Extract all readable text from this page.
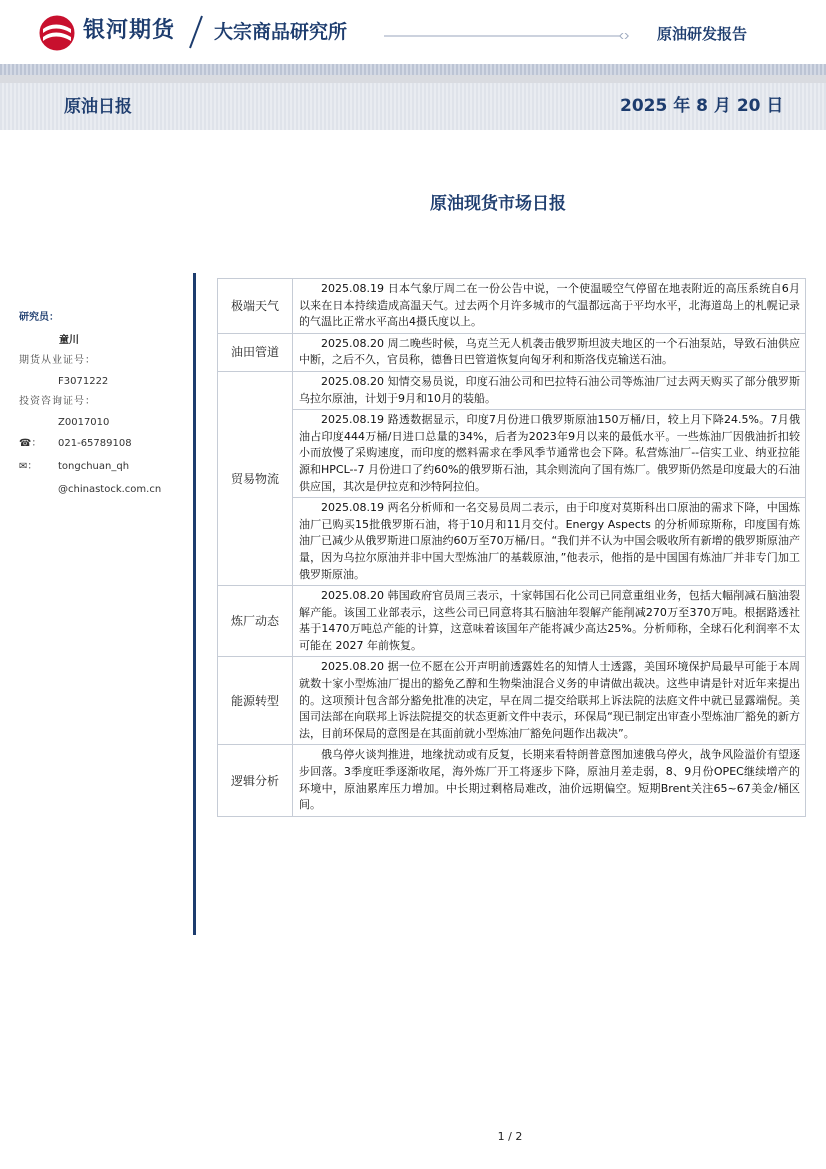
银河期货 大宗商品研究所	原油研发报告
原油日报	2025 年 8 月 20 日
原油现货市场日报
研究员：
童川
期货从业证号：
F3071222
投资咨询证号：
Z0017010
☎： 021-65789108
✉： tongchuan_qh
@chinastock.com.cn
极端天气	2025.08.19 日本气象厅周二在一份公告中说，一个使温暖空气停留在地表附近的高压系统自6月以来在日本持续造成高温天气。过去两个月许多城市的气温都远高于平均水平，北海道岛上的札幌记录的气温比正常水平高出4摄氏度以上。
油田管道	2025.08.20 周二晚些时候，乌克兰无人机袭击俄罗斯坦波夫地区的一个石油泵站，导致石油供应中断，之后不久，官员称，德鲁日巴管道恢复向匈牙利和斯洛伐克输送石油。
贸易物流	2025.08.20 知情交易员说，印度石油公司和巴拉特石油公司等炼油厂过去两天购买了部分俄罗斯乌拉尔原油，计划于9月和10月的装船。
	2025.08.19 路透数据显示，印度7月份进口俄罗斯原油150万桶/日，较上月下降24.5%。7月俄油占印度444万桶/日进口总量的34%，后者为2023年9月以来的最低水平。一些炼油厂因俄油折扣较小而放慢了采购速度，而印度的燃料需求在季风季节通常也会下降。私营炼油厂--信实工业、纳亚拉能源和HPCL--7 月份进口了约60%的俄罗斯石油，其余则流向了国有炼厂。俄罗斯仍然是印度最大的石油供应国，其次是伊拉克和沙特阿拉伯。
	2025.08.19 两名分析师和一名交易员周二表示，由于印度对莫斯科出口原油的需求下降，中国炼油厂已购买15批俄罗斯石油，将于10月和11月交付。Energy Aspects 的分析师琼斯称，印度国有炼油厂已减少从俄罗斯进口原油约60万至70万桶/日。“我们并不认为中国会吸收所有新增的俄罗斯原油产量，因为乌拉尔原油并非中国大型炼油厂的基载原油，”他表示，他指的是中国国有炼油厂并非专门加工俄罗斯原油。
炼厂动态	2025.08.20 韩国政府官员周三表示，十家韩国石化公司已同意重组业务，包括大幅削减石脑油裂解产能。该国工业部表示，这些公司已同意将其石脑油年裂解产能削减270万至370万吨。根据路透社基于1470万吨总产能的计算，这意味着该国年产能将减少高达25%。分析师称，全球石化利润率不太可能在 2027 年前恢复。
能源转型	2025.08.20 据一位不愿在公开声明前透露姓名的知情人士透露，美国环境保护局最早可能于本周就数十家小型炼油厂提出的豁免乙醇和生物柴油混合义务的申请做出裁决。这些申请是针对近年来提出的。这项预计包含部分豁免批准的决定，早在周二提交给联邦上诉法院的法庭文件中就已显露端倪。美国司法部在向联邦上诉法院提交的状态更新文件中表示，环保局“现已制定出审查小型炼油厂豁免的新方法，目前环保局的意图是在其面前就小型炼油厂豁免问题作出裁决”。
逻辑分析	俄乌停火谈判推进，地缘扰动或有反复，长期来看特朗普意图加速俄乌停火，战争风险溢价有望逐步回落。3季度旺季逐渐收尾，海外炼厂开工将逐步下降，原油月差走弱，8、9月份OPEC继续增产的环境中，原油累库压力增加。中长期过剩格局难改，油价远期偏空。短期Brent关注65~67美金/桶区间。
1 / 2
